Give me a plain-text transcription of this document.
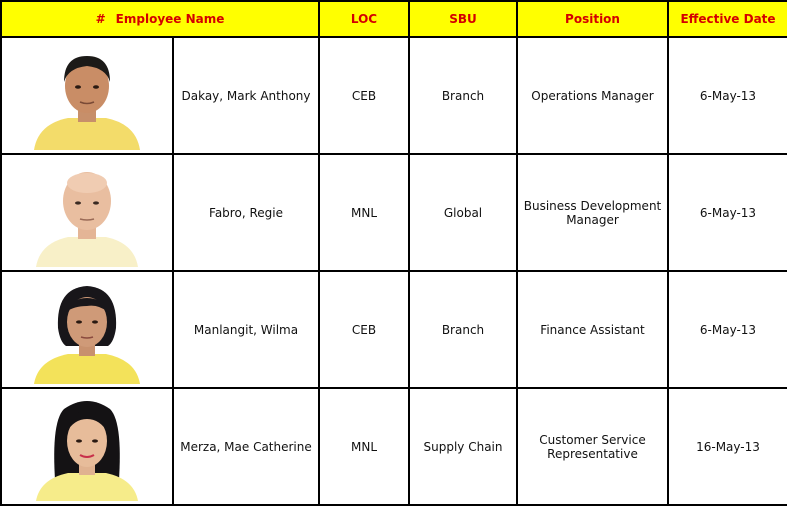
# Employee Name		LOC	SBU	Position	Effective Date

	Dakay, Mark Anthony	CEB	Branch	Operations Manager	6-May-13

	Fabro, Regie	MNL	Global	Business Development Manager	6-May-13

	Manlangit, Wilma	CEB	Branch	Finance Assistant	6-May-13

	Merza, Mae Catherine	MNL	Supply Chain	Customer Service Representative	16-May-13
